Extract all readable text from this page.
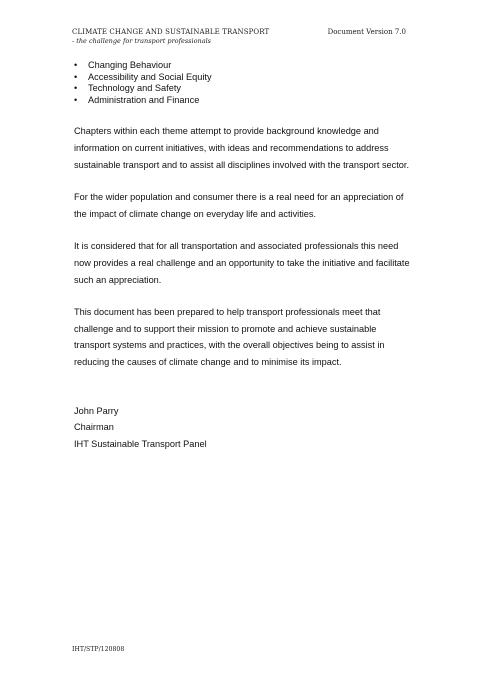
CLIMATE CHANGE AND SUSTAINABLE TRANSPORT
- the challenge for transport professionals
Document Version 7.0
• Changing Behaviour
• Accessibility and Social Equity
• Technology and Safety
• Administration and Finance

Chapters within each theme attempt to provide background knowledge and information on current initiatives, with ideas and recommendations to address sustainable transport and to assist all disciplines involved with the transport sector.

For the wider population and consumer there is a real need for an appreciation of the impact of climate change on everyday life and activities.

It is considered that for all transportation and associated professionals this need now provides a real challenge and an opportunity to take the initiative and facilitate such an appreciation.

This document has been prepared to help transport professionals meet that challenge and to support their mission to promote and achieve sustainable transport systems and practices, with the overall objectives being to assist in reducing the causes of climate change and to minimise its impact.

John Parry
Chairman
IHT Sustainable Transport Panel
IHT/STP/120808
